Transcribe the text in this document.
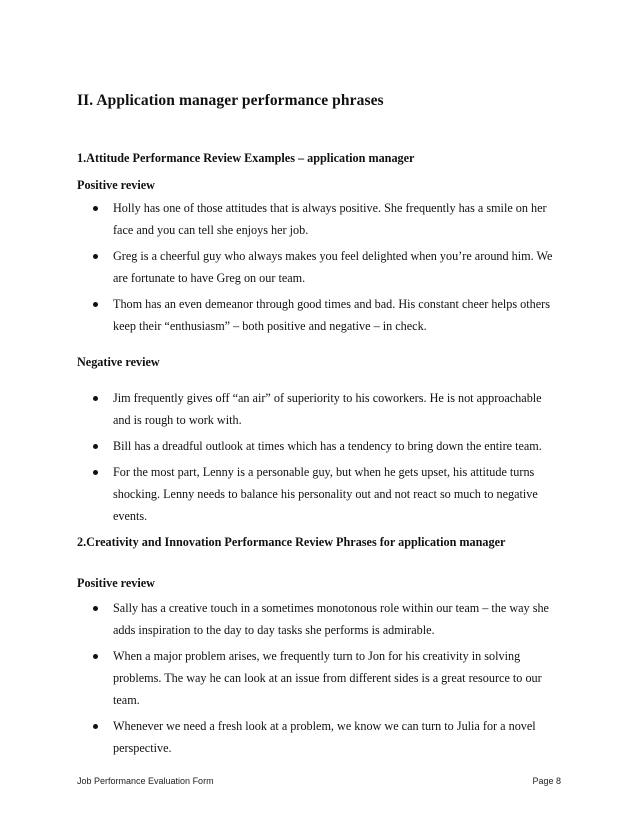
II. Application manager performance phrases
1.Attitude Performance Review Examples – application manager
Positive review
Holly has one of those attitudes that is always positive. She frequently has a smile on her face and you can tell she enjoys her job.
Greg is a cheerful guy who always makes you feel delighted when you’re around him. We are fortunate to have Greg on our team.
Thom has an even demeanor through good times and bad. His constant cheer helps others keep their “enthusiasm” – both positive and negative – in check.
Negative review
Jim frequently gives off “an air” of superiority to his coworkers. He is not approachable and is rough to work with.
Bill has a dreadful outlook at times which has a tendency to bring down the entire team.
For the most part, Lenny is a personable guy, but when he gets upset, his attitude turns shocking. Lenny needs to balance his personality out and not react so much to negative events.
2.Creativity and Innovation Performance Review Phrases for application manager
Positive review
Sally has a creative touch in a sometimes monotonous role within our team – the way she adds inspiration to the day to day tasks she performs is admirable.
When a major problem arises, we frequently turn to Jon for his creativity in solving problems. The way he can look at an issue from different sides is a great resource to our team.
Whenever we need a fresh look at a problem, we know we can turn to Julia for a novel perspective.
Job Performance Evaluation Form	Page 8
